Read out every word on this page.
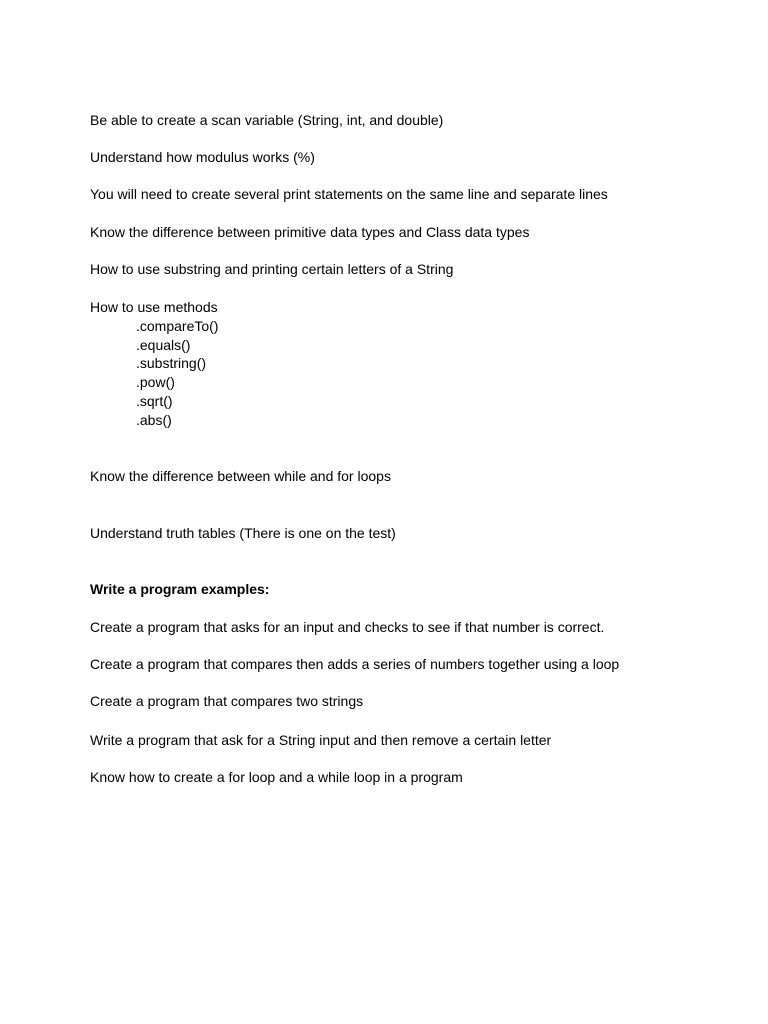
Be able to create a scan variable (String, int, and double)

Understand how modulus works (%)

You will need to create several print statements on the same line and separate lines

Know the difference between primitive data types and Class data types

How to use substring and printing certain letters of a String

How to use methods

.compareTo()

.equals()

.substring()

.pow()

.sqrt()

.abs()

Know the difference between while and for loops

Understand truth tables (There is one on the test)

Write a program examples:

Create a program that asks for an input and checks to see if that number is correct.

Create a program that compares then adds a series of numbers together using a loop

Create a program that compares two strings

Write a program that ask for a String input and then remove a certain letter

Know how to create a for loop and a while loop in a program
